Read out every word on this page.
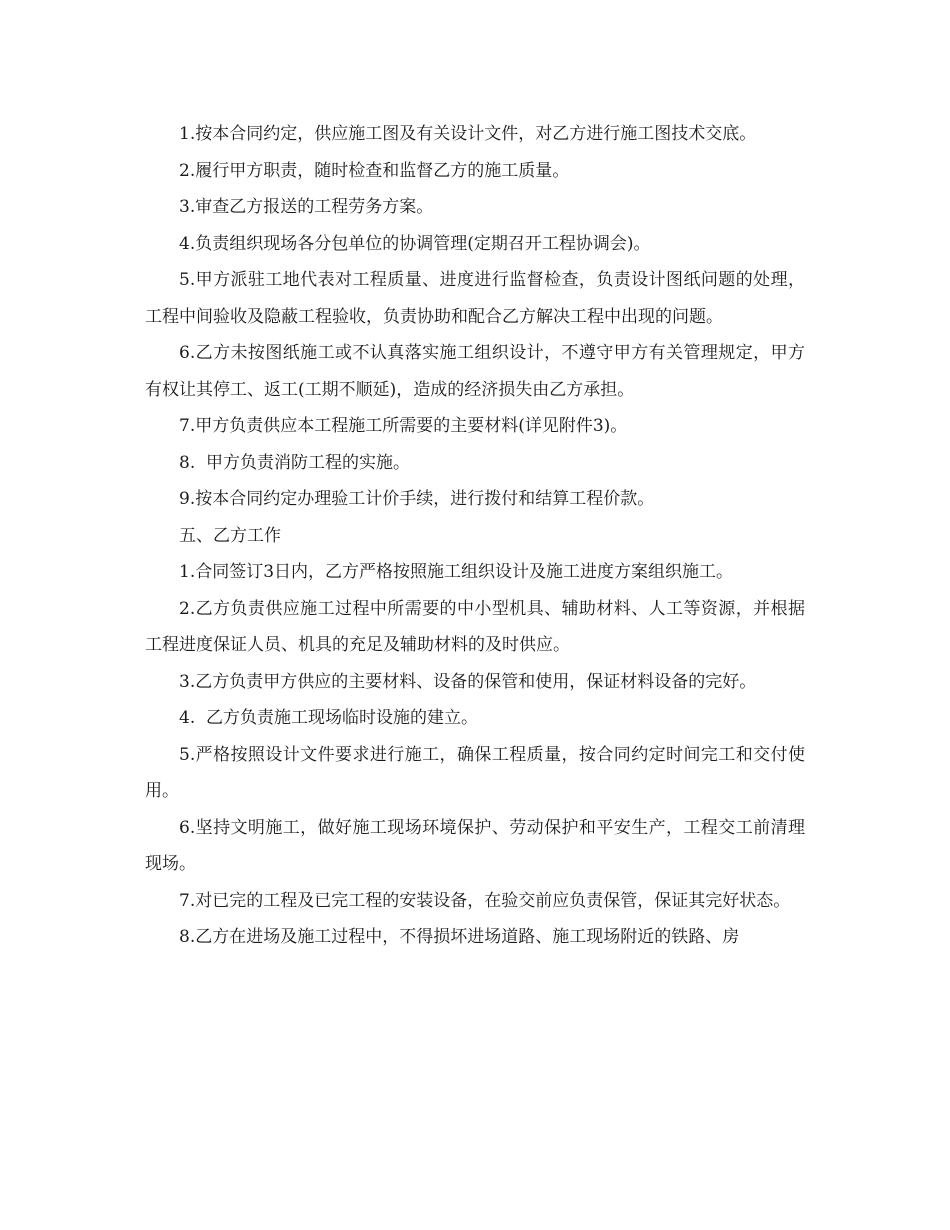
1.按本合同约定，供应施工图及有关设计文件，对乙方进行施工图技术交底。

2.履行甲方职责，随时检查和监督乙方的施工质量。

3.审查乙方报送的工程劳务方案。

4.负责组织现场各分包单位的协调管理(定期召开工程协调会)。

5.甲方派驻工地代表对工程质量、进度进行监督检查，负责设计图纸问题的处理，工程中间验收及隐蔽工程验收，负责协助和配合乙方解决工程中出现的问题。

6.乙方未按图纸施工或不认真落实施工组织设计，不遵守甲方有关管理规定，甲方有权让其停工、返工(工期不顺延)，造成的经济损失由乙方承担。

7.甲方负责供应本工程施工所需要的主要材料(详见附件3)。

8.  甲方负责消防工程的实施。

9.按本合同约定办理验工计价手续，进行拨付和结算工程价款。

五、乙方工作

1.合同签订3日内，乙方严格按照施工组织设计及施工进度方案组织施工。

2.乙方负责供应施工过程中所需要的中小型机具、辅助材料、人工等资源，并根据工程进度保证人员、机具的充足及辅助材料的及时供应。

3.乙方负责甲方供应的主要材料、设备的保管和使用，保证材料设备的完好。

4.  乙方负责施工现场临时设施的建立。

5.严格按照设计文件要求进行施工，确保工程质量，按合同约定时间完工和交付使用。

6.坚持文明施工，做好施工现场环境保护、劳动保护和平安生产，工程交工前清理现场。

7.对已完的工程及已完工程的安装设备，在验交前应负责保管，保证其完好状态。

8.乙方在进场及施工过程中，不得损坏进场道路、施工现场附近的铁路、房
